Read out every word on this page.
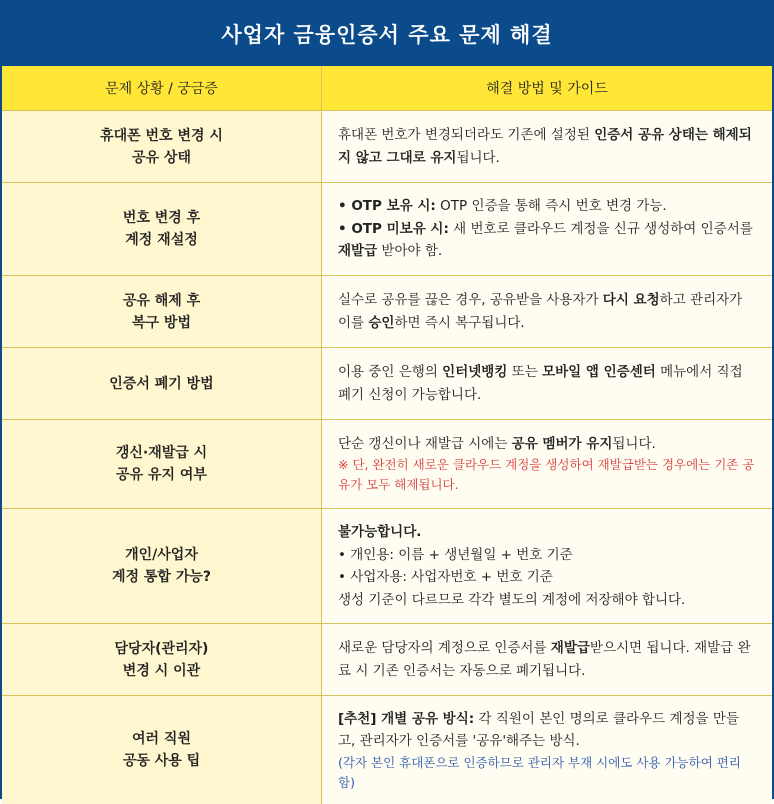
사업자 금융인증서 주요 문제 해결
문제 상황 / 궁금증	해결 방법 및 가이드
휴대폰 번호 변경 시
공유 상태
휴대폰 번호가 변경되더라도 기존에 설정된 인증서 공유 상태는 해제되지 않고 그대로 유지됩니다.
번호 변경 후
계정 재설정
• OTP 보유 시: OTP 인증을 통해 즉시 번호 변경 가능.
• OTP 미보유 시: 새 번호로 클라우드 계정을 신규 생성하여 인증서를 재발급 받아야 함.
공유 해제 후
복구 방법
실수로 공유를 끊은 경우, 공유받을 사용자가 다시 요청하고 관리자가 이를 승인하면 즉시 복구됩니다.
인증서 폐기 방법
이용 중인 은행의 인터넷뱅킹 또는 모바일 앱 인증센터 메뉴에서 직접 폐기 신청이 가능합니다.
갱신·재발급 시
공유 유지 여부
단순 갱신이나 재발급 시에는 공유 멤버가 유지됩니다.
※ 단, 완전히 새로운 클라우드 계정을 생성하여 재발급받는 경우에는 기존 공유가 모두 해제됩니다.
개인/사업자
계정 통합 가능?
불가능합니다.
• 개인용: 이름 + 생년월일 + 번호 기준
• 사업자용: 사업자번호 + 번호 기준
생성 기준이 다르므로 각각 별도의 계정에 저장해야 합니다.
담당자(관리자)
변경 시 이관
새로운 담당자의 계정으로 인증서를 재발급받으시면 됩니다. 재발급 완료 시 기존 인증서는 자동으로 폐기됩니다.
여러 직원
공동 사용 팁
[추천] 개별 공유 방식: 각 직원이 본인 명의로 클라우드 계정을 만들고, 관리자가 인증서를 '공유'해주는 방식.
(각자 본인 휴대폰으로 인증하므로 관리자 부재 시에도 사용 가능하여 편리함)
